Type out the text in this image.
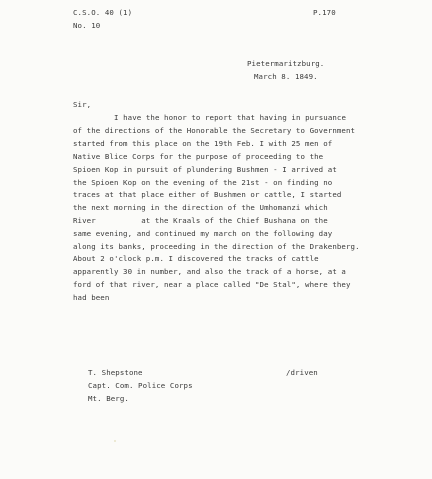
C.S.O. 40 (1)	P.170
No. 10
Pietermaritzburg.
March 8. 1849.
Sir,
I have the honor to report that having in pursuance
of the directions of the Honorable the Secretary to Government
started from this place on the 19th Feb. I with 25 men of
Native Blice Corps for the purpose of proceeding to the
Spioen Kop in pursuit of plundering Bushmen - I arrived at
the Spioen Kop on the evening of the 21st - on finding no
traces at that place either of Bushmen or cattle, I started
the next morning in the direction of the Umhomanzi which
River          at the Kraals of the Chief Bushana on the
same evening, and continued my march on the following day
along its banks, proceeding in the direction of the Drakenberg.
About 2 o'clock p.m. I discovered the tracks of cattle
apparently 30 in number, and also the track of a horse, at a
ford of that river, near a place called "De Stal", where they
had been
T. Shepstone	/driven
Capt. Com. Police Corps
Mt. Berg.
